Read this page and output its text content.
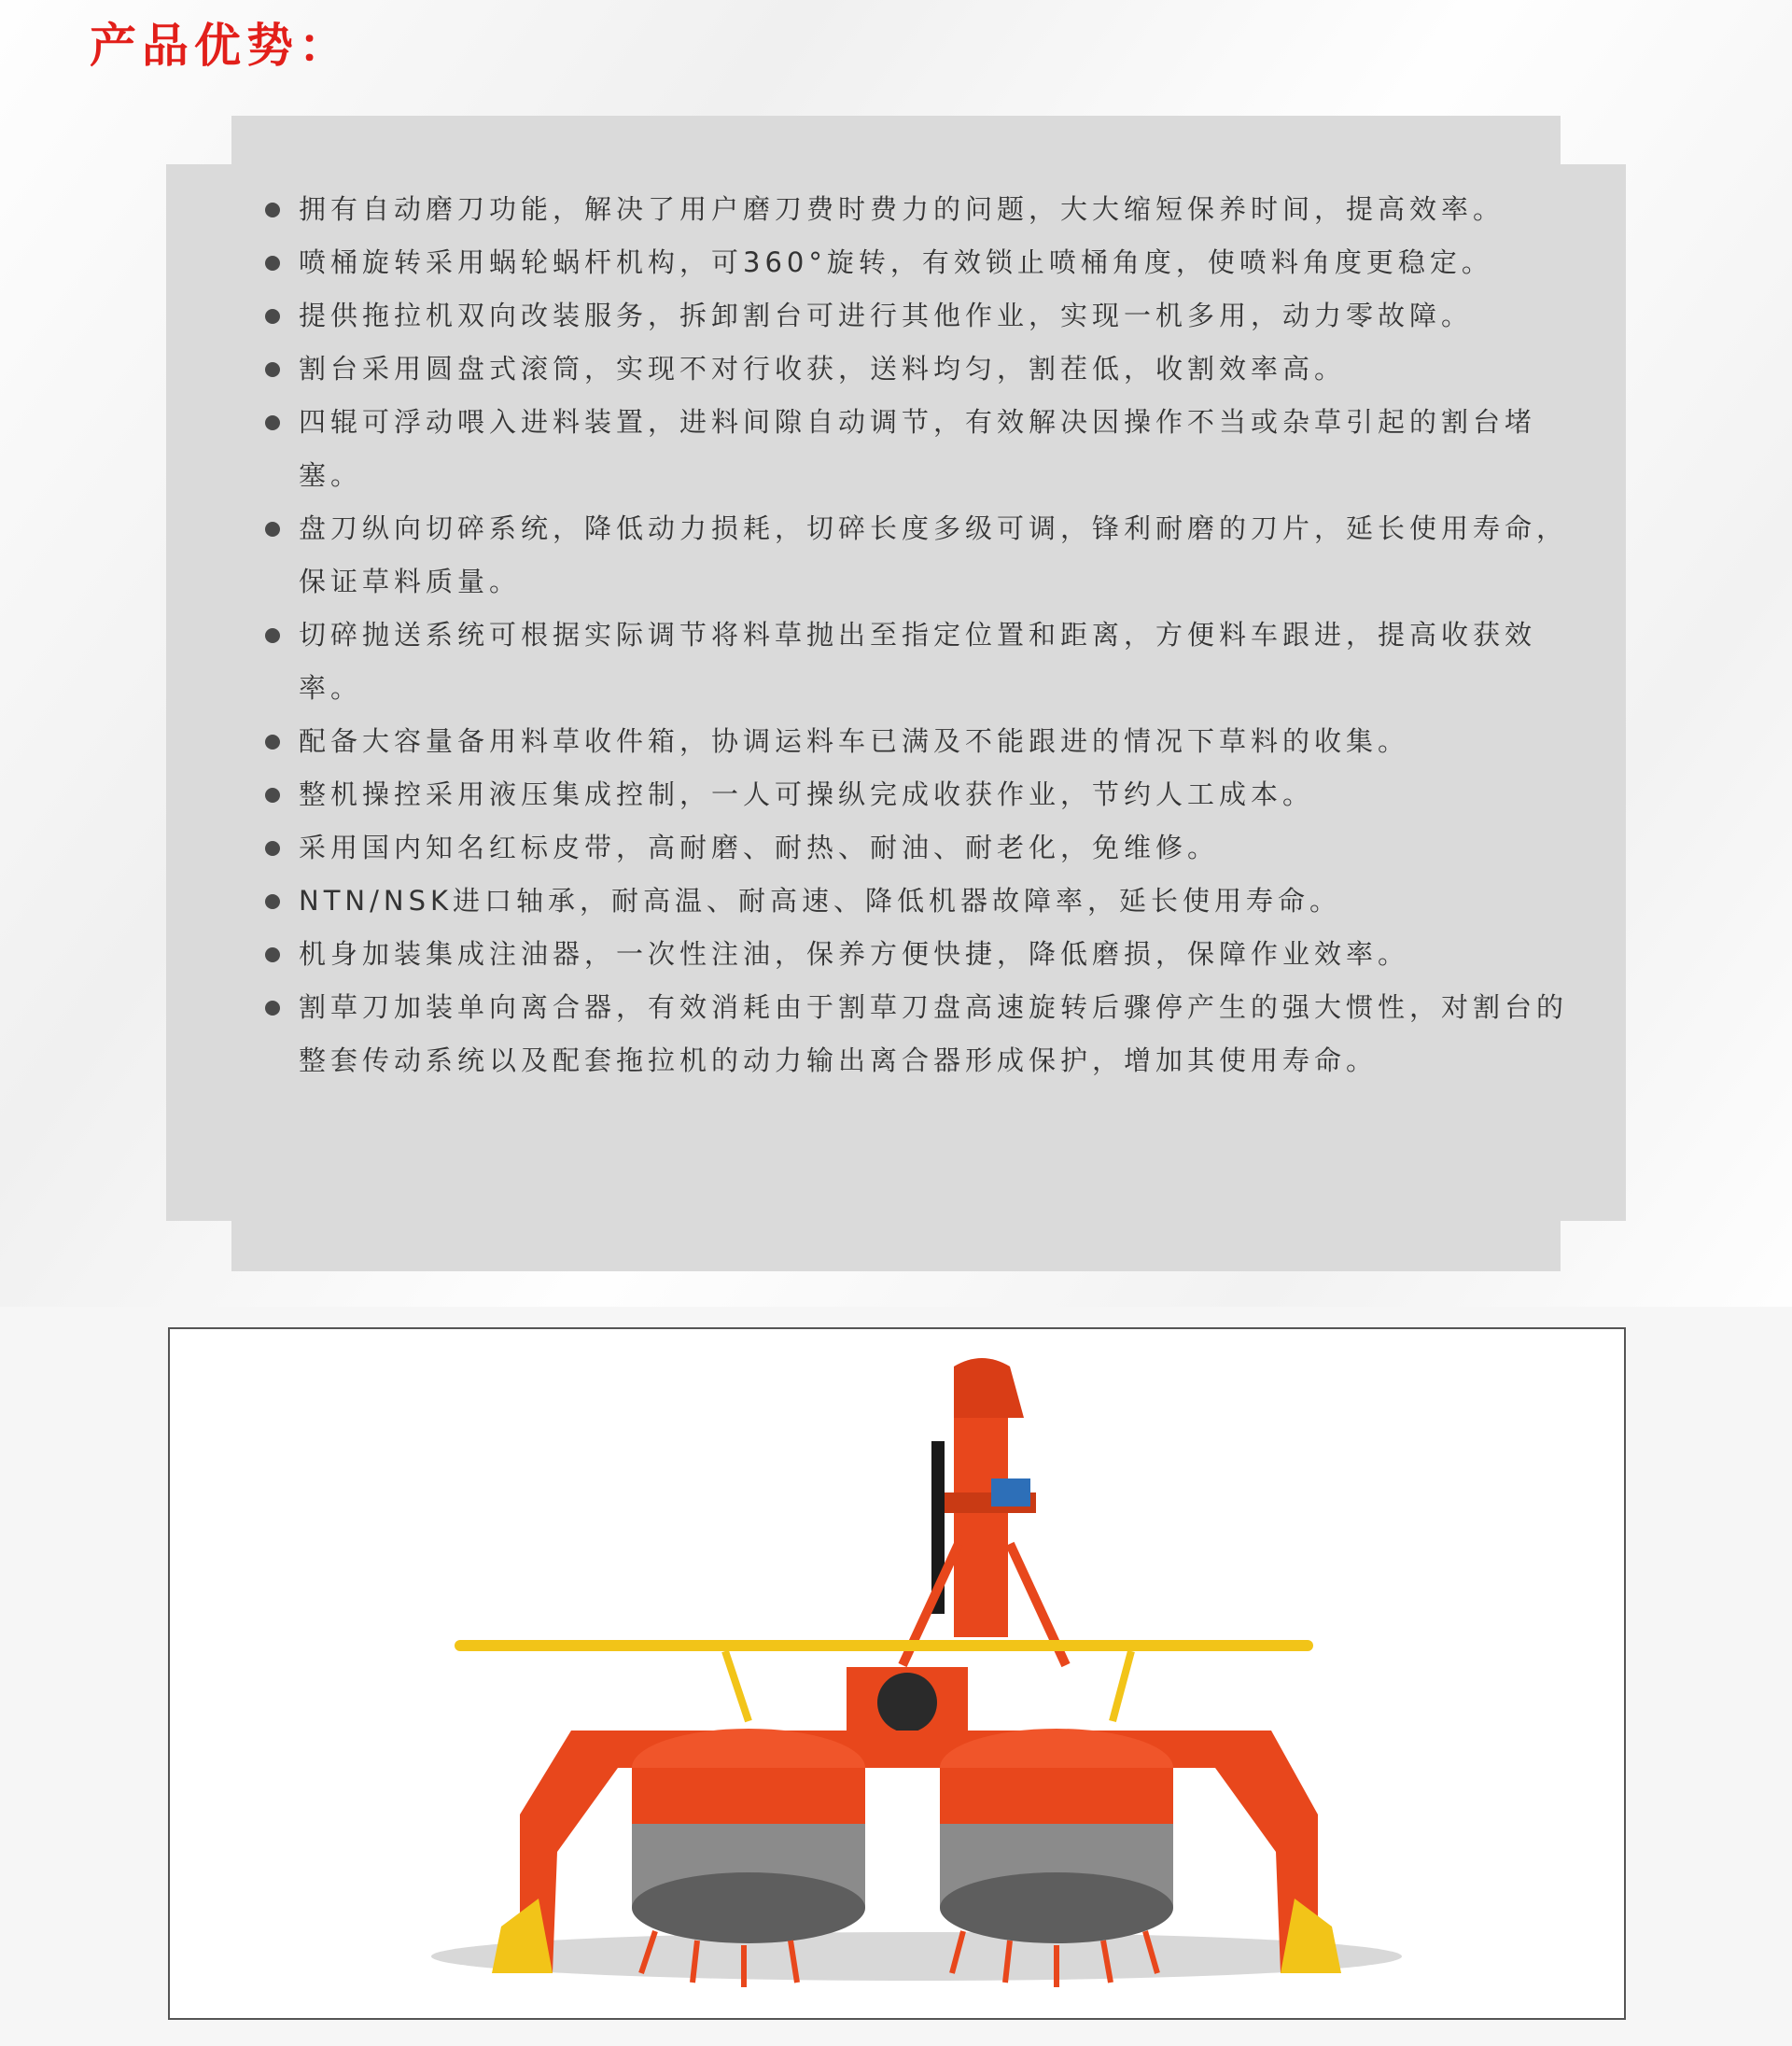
产品优势：
拥有自动磨刀功能，解决了用户磨刀费时费力的问题，大大缩短保养时间，提高效率。
喷桶旋转采用蜗轮蜗杆机构，可360°旋转，有效锁止喷桶角度，使喷料角度更稳定。
提供拖拉机双向改装服务，拆卸割台可进行其他作业，实现一机多用，动力零故障。
割台采用圆盘式滚筒，实现不对行收获，送料均匀，割茬低，收割效率高。
四辊可浮动喂入进料装置，进料间隙自动调节，有效解决因操作不当或杂草引起的割台堵塞。
盘刀纵向切碎系统，降低动力损耗，切碎长度多级可调，锋利耐磨的刀片，延长使用寿命，保证草料质量。
切碎抛送系统可根据实际调节将料草抛出至指定位置和距离，方便料车跟进，提高收获效率。
配备大容量备用料草收件箱，协调运料车已满及不能跟进的情况下草料的收集。
整机操控采用液压集成控制，一人可操纵完成收获作业，节约人工成本。
采用国内知名红标皮带，高耐磨、耐热、耐油、耐老化，免维修。
NTN/NSK进口轴承，耐高温、耐高速、降低机器故障率，延长使用寿命。
机身加装集成注油器，一次性注油，保养方便快捷，降低磨损，保障作业效率。
割草刀加装单向离合器，有效消耗由于割草刀盘高速旋转后骤停产生的强大惯性，对割台的整套传动系统以及配套拖拉机的动力输出离合器形成保护，增加其使用寿命。
